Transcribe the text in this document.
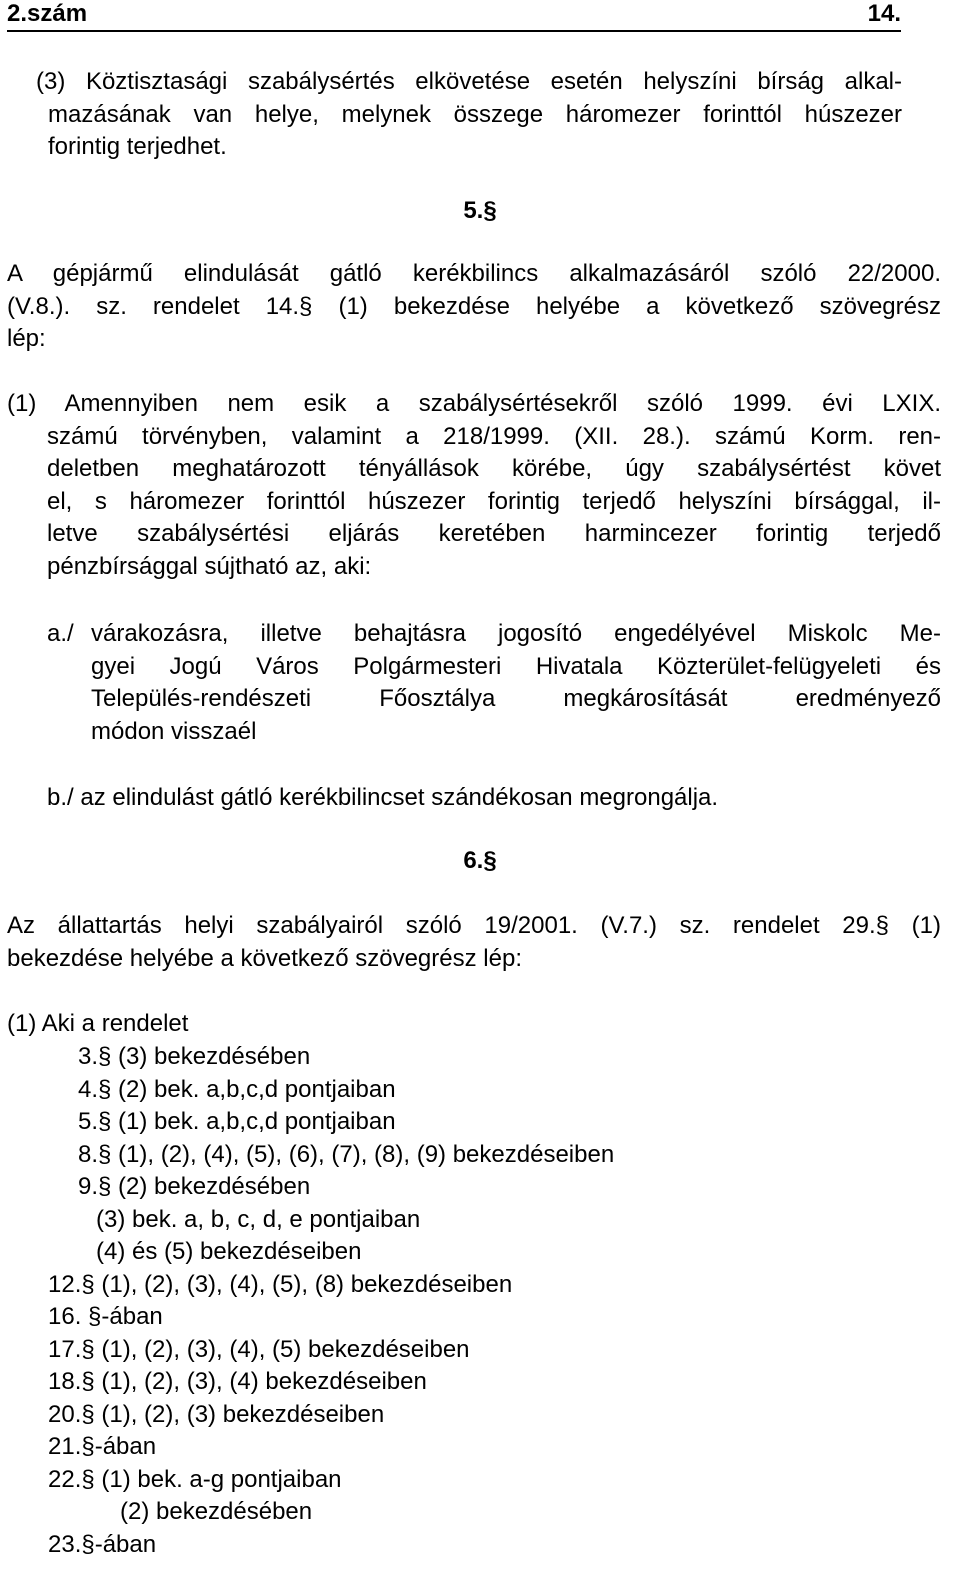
2.szám	14.
(3) Köztisztasági szabálysértés elkövetése esetén helyszíni bírság alkal-
mazásának van helye, melynek összege háromezer forinttól húszezer
forintig terjedhet.
5.§
A gépjármű elindulását gátló kerékbilincs alkalmazásáról szóló 22/2000.
(V.8.). sz. rendelet 14.§ (1) bekezdése helyébe a következő szövegrész
lép:
(1) Amennyiben nem esik a szabálysértésekről szóló 1999. évi LXIX.
számú törvényben, valamint a 218/1999. (XII. 28.). számú Korm. ren-
deletben meghatározott tényállások körébe, úgy szabálysértést követ
el, s háromezer forinttól húszezer forintig terjedő helyszíni bírsággal, il-
letve szabálysértési eljárás keretében harmincezer forintig terjedő
pénzbírsággal sújtható az, aki:
a./ várakozásra, illetve behajtásra jogosító engedélyével Miskolc Me-
gyei Jogú Város Polgármesteri Hivatala Közterület-felügyeleti és
Település-rendészeti Főosztálya megkárosítását eredményező
módon visszaél
b./ az elindulást gátló kerékbilincset szándékosan megrongálja.
6.§
Az állattartás helyi szabályairól szóló 19/2001. (V.7.) sz. rendelet 29.§ (1)
bekezdése helyébe a következő szövegrész lép:
(1) Aki a rendelet
3.§ (3) bekezdésében
4.§ (2) bek. a,b,c,d pontjaiban
5.§ (1) bek. a,b,c,d pontjaiban
8.§ (1), (2), (4), (5), (6), (7), (8), (9) bekezdéseiben
9.§ (2) bekezdésében
(3) bek. a, b, c, d, e pontjaiban
(4) és (5) bekezdéseiben
12.§ (1), (2), (3), (4), (5), (8) bekezdéseiben
16. §-ában
17.§ (1), (2), (3), (4), (5) bekezdéseiben
18.§ (1), (2), (3), (4) bekezdéseiben
20.§ (1), (2), (3) bekezdéseiben
21.§-ában
22.§ (1) bek. a-g pontjaiban
(2) bekezdésében
23.§-ában
